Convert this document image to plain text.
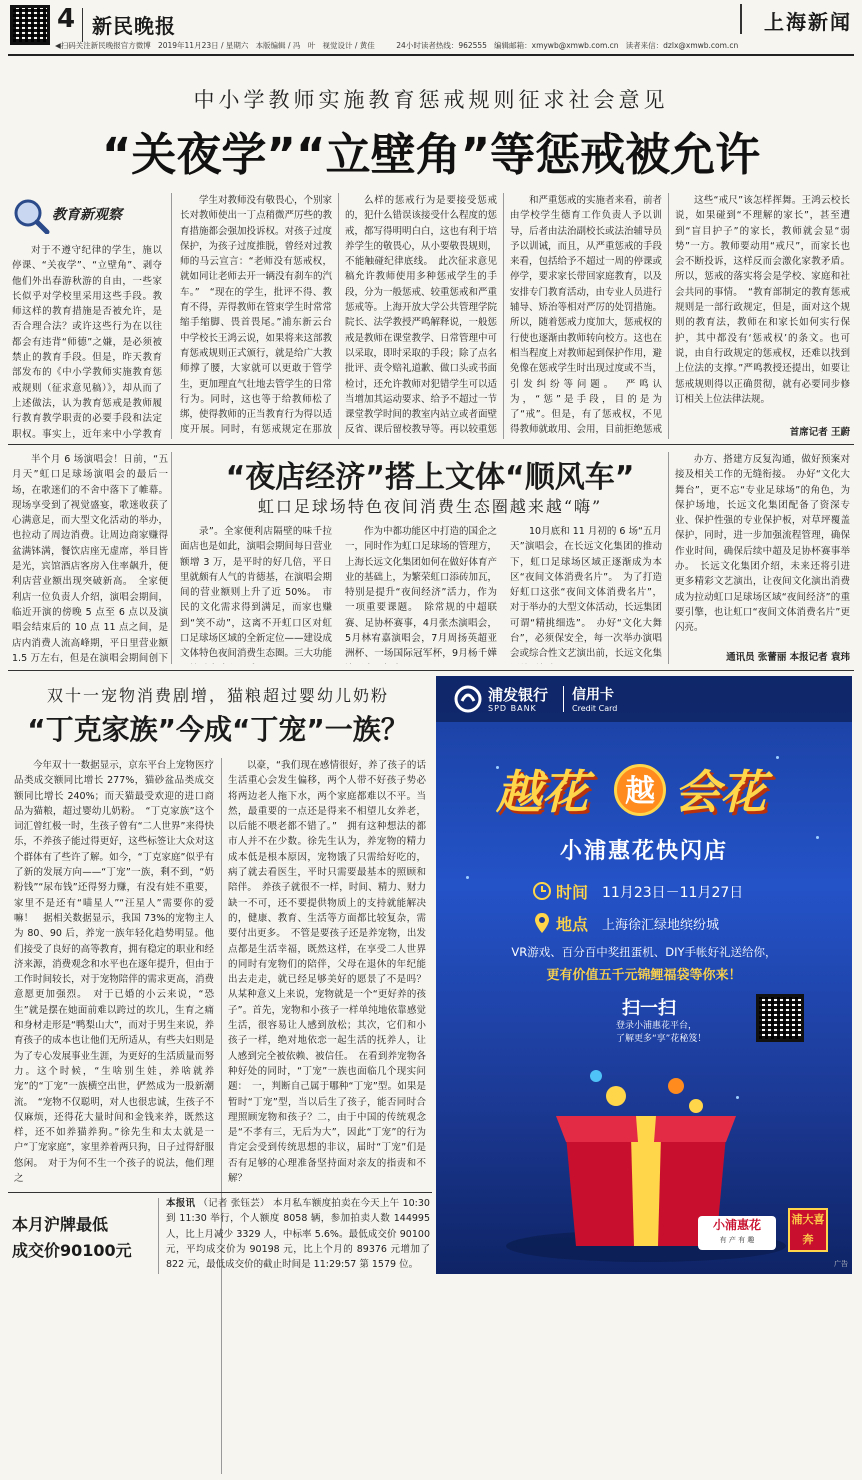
4 新民晚报	上海新闻
◀扫码关注新民晚报官方微博 2019年11月23日 / 星期六 本版编辑 / 冯　叶 视觉设计 / 黄佳	24小时读者热线：962555 编辑邮箱：xmywb@xmwb.com.cn 读者来信：dzlx@xmwb.com.cn
中小学教师实施教育惩戒规则征求社会意见
“关夜学”“立壁角”等惩戒被允许
教育新观察

对于不遵守纪律的学生，施以停课、“关夜学”、“立壁角”、剥夺他们外出春游秋游的自由，一些家长似乎对学校里采用这些手段。教师这样的教育措施是否被允许，是否合理合法？或许这些行为在以往都会有违背“师德”之嫌，是必须被禁止的教育手段。但是，昨天教育部发布的《中小学教师实施教育惩戒规则（征求意见稿）》，却从而了上述做法，认为教育惩戒是教师履行教育教学职责的必要手段和法定职权。事实上，近年来中小学教育

学生对教师没有敬畏心，个别家长对教师使出一丁点稍微严厉些的教育措施都会强加投诉权。对孩子过度保护，为孩子过度推脱，曾经对过教师的马云宣言：“老师没有惩戒权，就如同让老师去开一辆没有刹车的汽车。”　“现在的学生，批评不得、教育不得，弄得教师在管束学生时常常缩手缩脚、畏首畏尾。”浦东新云台中学校长王鸿云说，如果将来这部教育惩戒规则正式颁行，就是给广大教师撑了腰，大家就可以更敢于管学生，更加理直气壮地去管学生的日常行为。同时，这也等于给教师松了绑，使得教师的正当教育行为得以适度开展。同时，有惩戒规定在那放

么样的惩戒行为是要接受惩戒的，犯什么错误该接受什么程度的惩戒，都写得明明白白，这也有利于培养学生的敬畏心，从小要敬畏规则，不能触碰纪律底线。　此次征求意见稿允许教师使用多种惩戒学生的手段，分为一般惩戒、较重惩戒和严重惩戒等。上海开放大学公共管理学院院长、法学教授严鸣解释说，一般惩戒是教师在课堂教学、日常管理中可以采取，即时采取的手段；除了点名批评、责令赔礼道歉、做口头或书面检讨，还允许教师对犯错学生可以适当增加其运动要求、给予不超过一节课堂教学时间的教室内站立或者面壁反省、课后留校教导等。再以较重惩

和严重惩戒的实施者来看，前者由学校学生德育工作负责人予以训导，后者由法治副校长或法治辅导员予以训诫，而且，从严重惩戒的手段来看，包括给予不超过一周的停课或停学，要求家长带回家庭教育，以及安排专门教育活动，由专业人员进行辅导、矫治等相对严厉的处罚措施。所以，随着惩戒力度加大，惩戒权的行使也逐渐由教师转向校方。这也在相当程度上对教师起到保护作用，避免像在惩戒学生时出现过度或不当，引发纠纷等问题。　严鸣认为，“惩”是手段，目的是为了“戒”。但是，有了惩戒权，不见得教师就敢用、会用，目前拒绝惩戒

这些“戒尺”该怎样挥舞。王鸿云校长说，如果碰到“不理解的家长”，甚至遭到“盲目护子”的家长，教师就会显“弱势”一方。教师要动用“戒尺”，而家长也会不断投诉，这样反而会激化家教矛盾。所以，惩戒的落实将会是学校、家庭和社会共同的事情。　“教育部制定的教育惩戒规则是一部行政规定，但是，面对这个规则的教育法，教师在和家长如何实行保护，其中都没有‘惩戒权’的条文。也可说，由自行政规定的惩戒权，还难以找到上位法的支撑。”严鸣教授还提出，如要让惩戒规则得以正确贯彻，就有必要同步修订相关上位法律法规。

首席记者 王蔚
“夜店经济”搭上文体“顺风车”
虹口足球场特色夜间消费生态圈越来越“嗨”

半个月 6 场演唱会！日前，“五月天”虹口足球场演唱会的最后一场，在歌迷们的不舍中落下了帷幕。现场享受到了视觉盛宴，歌迷收获了心满意足，而大型文化活动的举办，也拉动了周边消费。让周边商家赚得盆满钵满，餐饮店座无虚席，举目皆是光，宾馆酒店客房入住率飙升，便利店营业额出现突破新高。　全家便利店一位负责人介绍，演唱会期间，临近开演的傍晚 5 点至 6 点以及演唱会结束后的 10 点 11 点之间，是店内消费人流高峰期，平日里营业额 1.5 万左右，但是在演唱会期间创下

录”。全家便利店隔壁的味千拉面店也是如此，演唱会期间每日营业额增 3 万，是平时的好几倍，平日里就颇有人气的肯德基，在演唱会期间的营业额则上升了近 50%。　市民的文化需求得到满足，而家也赚到“笑不动”，这离不开虹口区对虹口足球场区域的全新定位——建设成文体特色夜间消费生态圈。三大功能

作为中都功能区中打造的国企之一，同时作为虹口足球场的管理方，上海长远文化集团如何在做好体育产业的基础上，为繁荣虹口添砖加瓦，特别是提升“夜间经济”活力，作为一项重要课题。　除常规的中超联赛、足协杯赛事，4月张杰演唱会，5月林宥嘉演唱会，7月周扬英超亚洲杯、一场国际冠军杯，9月杨千嬅

10月底和 11 月初的 6 场“五月天”演唱会，在长远文化集团的推动下，虹口足球场区域正逐渐成为本区“夜间文体消费名片”。　为了打造好虹口这张“夜间文体消费名片”，对于举办的大型文体活动，长远集团可谓“精挑细选”。　办好“文化大舞台”，必须保安全，每一次举办演唱会或综合性文艺演出前，长远文化集

办方、搭建方反复沟通，做好预案对接及相关工作的无缝衔接。　办好“文化大舞台”，更不忘“专业足球场”的角色，为保护场地，长远文化集团配备了资深专业、保护性强的专业保护板，对草坪覆盖保护，同时，进一步加强流程管理，确保作业时间，确保后续中超及足协杯赛事举办。　长远文化集团介绍，未来还将引进更多精彩文艺演出，让夜间文化演出消费成为拉动虹口足球场区域“夜间经济”的重要引擎，也让虹口“夜间文体消费名片”更闪亮。

通讯员 张蕾丽 本报记者 袁玮
双十一宠物消费剧增，猫粮超过婴幼儿奶粉
“丁克家族”今成“丁宠”一族？

今年双十一数据显示，京东平台上宠物医疗品类成交额同比增长 277%，猫砂盆品类成交额同比增长 240%；而天猫最受欢迎的进口商品为猫粮，超过婴幼儿奶粉。　“丁克家族”这个词汇曾红极一时，生孩子曾有“二人世界”来得快乐，不养孩子能过得更好，这些标签让大众对这个群体有了些许了解。如今，“丁克家庭”似乎有了新的发展方向——“丁宠”一族，剩不到，“奶粉钱”“尿布钱”还得努力赚，有没有娃不重要，家里不是还有“喵星人”“汪星人”需要你的爱嘛！　据相关数据显示，我国 73%的宠物主人为 80、90 后，养宠一族年轻化趋势明显。他们接受了良好的高等教育，拥有稳定的职业和经济来源，消费观念和水平也在逐年提升，但由于工作时间较长，对于宠物陪伴的需求更高，消费意愿更加强烈。　对于已婚的小云来说，“恐生”就是摆在她面前难以跨过的坎儿，生育之痛和身材走形是“鸭梨山大”，而对于男生来说，养育孩子的成本也让他们无所适从，有些夫妇则是为了专心发展事业生涯，为更好的生活质量而努力。这个时候，“生啥别生娃，养啥就养宠”的“丁宠”一族横空出世，俨然成为一股新潮流。　“宠物不仅聪明，对人也很忠诚，生孩子不仅麻烦，还得花大量时间和金钱来养，既然这样，还不如养猫养狗。”徐先生和太太就是一户“丁宠家庭”，家里养着两只狗，日子过得舒服悠闲。　对于为何不生一个孩子的说法，他们理之

以豪，“我们现在感情很好，养了孩子的话生活重心会发生偏移，两个人带不好孩子势必将两边老人拖下水，两个家庭都难以不平。当然，最重要的一点还是得来不相望儿女养老，以后能不喂老都不错了。”　拥有这种想法的都市人并不在少数。徐先生认为，养宠物的精力成本低是根本原因，宠物饿了只需给好吃的，病了就去看医生，平时只需要最基本的照顾和陪伴。　养孩子就很不一样，时间、精力、财力缺一不可，还不要提供物质上的支持就能解决的，健康、教育、生活等方面都比较复杂，需要付出更多。　不管是要孩子还是养宠物，出发点都是生活幸福，既然这样，在享受二人世界的同时有宠物们的陪伴，父母在退休的年纪能出去走走，就已经足够美好的愿景了不是吗？　从某种意义上来说，宠物就是一个“更好养的孩子”。首先，宠物和小孩子一样单纯地依靠感觉生活，很容易让人感到放松；其次，它们和小孩子一样，绝对地依恋一起生活的抚养人，让人感到完全被依赖、被信任。　在看到养宠物各种好处的同时，“丁宠”一族也面临几个现实问题：　一，判断自己属于哪种“丁宠”型。如果是暂时“丁宠”型，当以后生了孩子，能否同时合理照顾宠物和孩子？二，由于中国的传统观念是“不孝有三，无后为大”，因此“丁宠”的行为肯定会受到传统思想的非议，届时“丁宠”们是否有足够的心理准备坚持面对亲友的指责和不解？

浦发银行
SPD BANK
信用卡
Credit Card
越花	越 会花
小浦惠花快闪店
时间 11月23日－11月27日
地点 上海徐汇绿地缤纷城
VR游戏、百分百中奖扭蛋机、DIY手帐好礼送给你，
更有价值五千元锦鲤福袋等你来！
扫一扫
登录小浦惠花平台，
了解更多“享”花秘笈！
小浦惠花
有 产 有 趣
浦大喜奔
广告
本月沪牌最低
成交价90100元
本报讯 （记者 张钰芸） 本月私车额度拍卖在今天上午 10:30 到 11:30 举行，个人额度 8058 辆，参加拍卖人数 144995 人，比上月减少 3329 人，中标率 5.6%。最低成交价 90100 元，平均成交价为 90198 元，比上个月的 89376 元增加了 822 元，最低成交价的截止时间是 11:29:57 第 1579 位。
